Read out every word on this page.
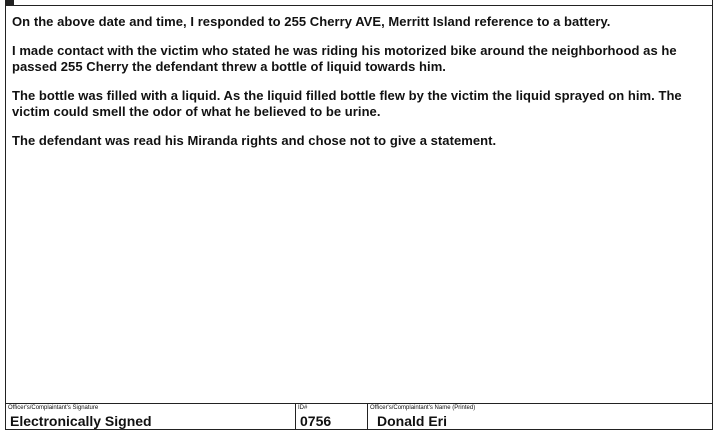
On the above date and time, I responded to 255 Cherry AVE, Merritt Island reference to a battery.

I made contact with the victim who stated he was riding his motorized bike around the neighborhood as he passed 255 Cherry the defendant threw a bottle of liquid towards him.

The bottle was filled with a liquid. As the liquid filled bottle flew by the victim the liquid sprayed on him. The victim could smell the odor of what he believed to be urine.

The defendant was read his Miranda rights and chose not to give a statement.

Officer's/Complaintant's Signature
Electronically Signed
ID#
0756
Officer's/Complaintant's Name (Printed)
Donald Eri
